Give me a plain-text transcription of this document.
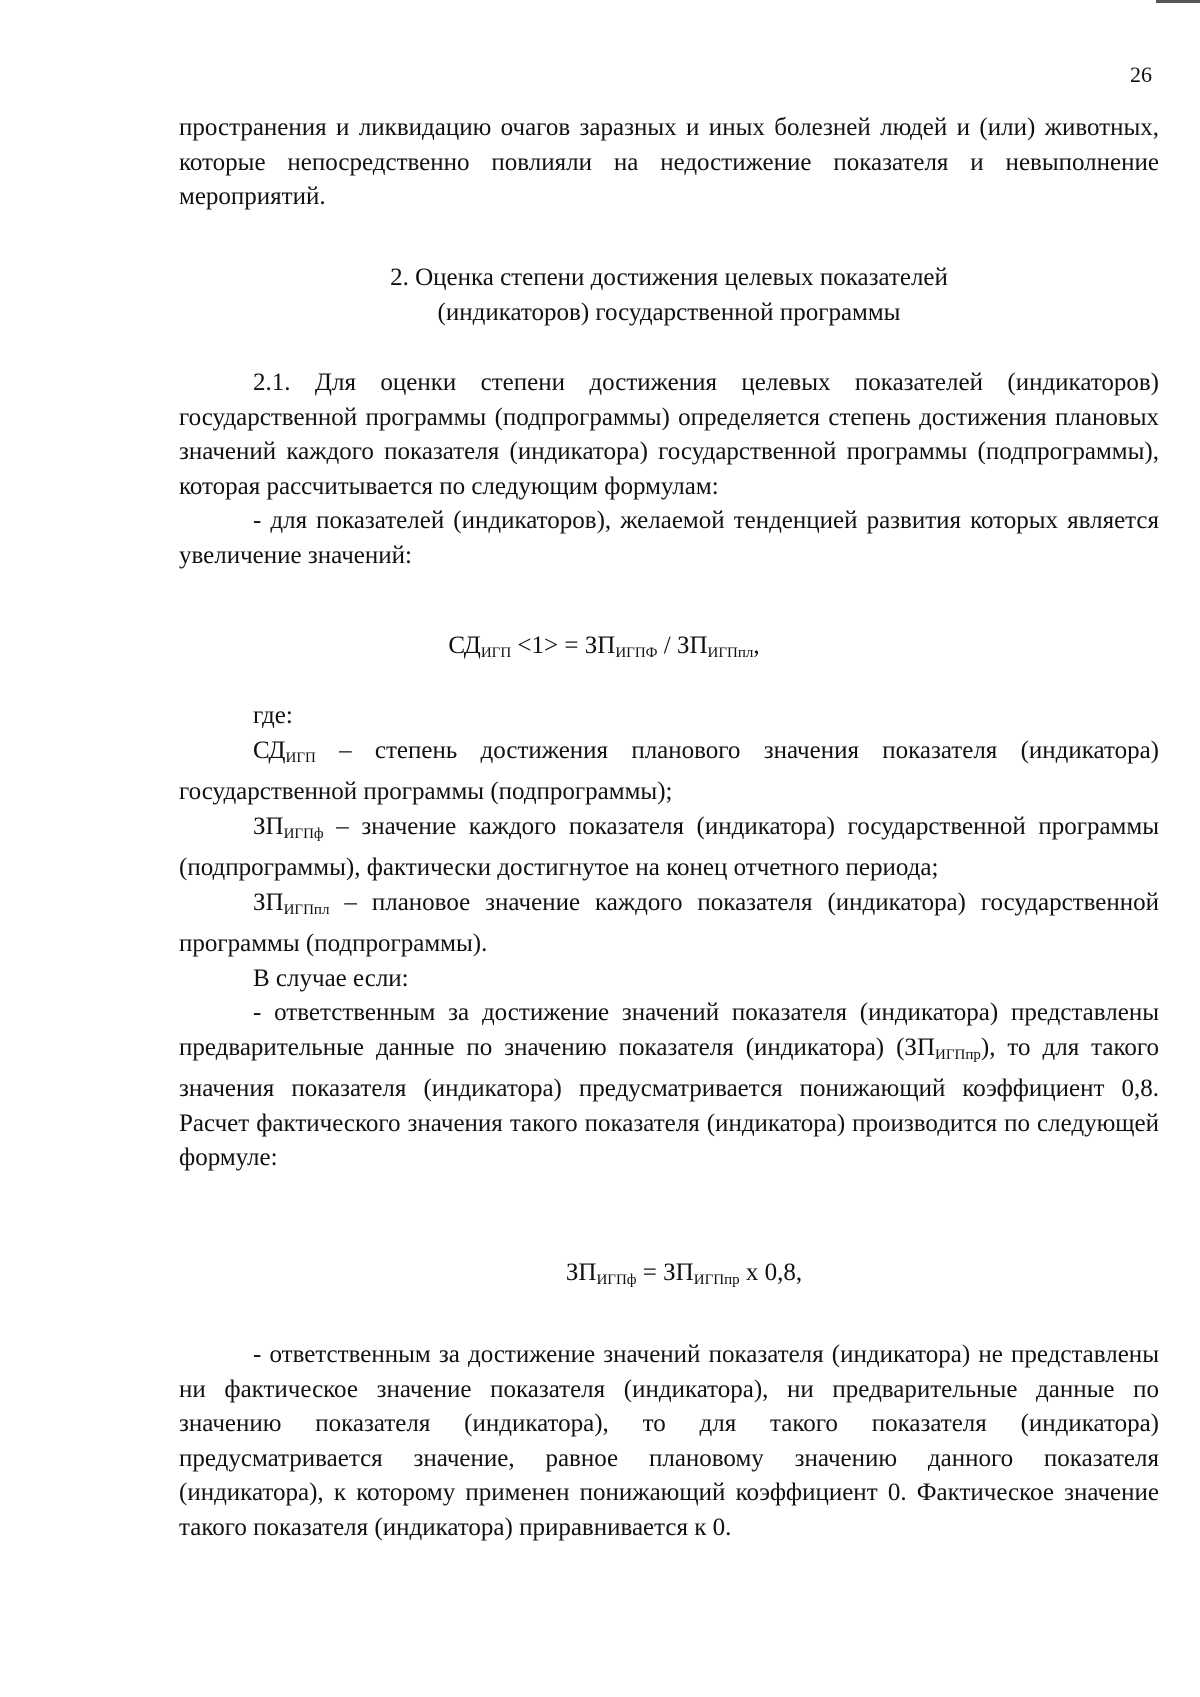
26

пространения и ликвидацию очагов заразных и иных болезней людей и (или) животных, которые непосредственно повлияли на недостижение показателя и невыполнение мероприятий.

2. Оценка степени достижения целевых показателей
(индикаторов) государственной программы

2.1. Для оценки степени достижения целевых показателей (индикаторов) государственной программы (подпрограммы) определяется степень достижения плановых значений каждого показателя (индикатора) государственной программы (подпрограммы), которая рассчитывается по следующим формулам:

- для показателей (индикаторов), желаемой тенденцией развития которых является увеличение значений:

$СД_{ИГП} <1> = ЗП_{ИГПФ} / ЗП_{ИГПпл}$,

где:

$СД_{ИГП}$ – степень достижения планового значения показателя (индикатора) государственной программы (подпрограммы);

$ЗП_{ИГПф}$ – значение каждого показателя (индикатора) государственной программы (подпрограммы), фактически достигнутое на конец отчетного периода;

$ЗП_{ИГПпл}$ – плановое значение каждого показателя (индикатора) государственной программы (подпрограммы).

В случае если:

- ответственным за достижение значений показателя (индикатора) представлены предварительные данные по значению показателя (индикатора) $(ЗП_{ИГПпр})$, то для такого значения показателя (индикатора) предусматривается понижающий коэффициент 0,8. Расчет фактического значения такого показателя (индикатора) производится по следующей формуле:

$ЗП_{ИГПф} = ЗП_{ИГПпр}$ х 0,8,

- ответственным за достижение значений показателя (индикатора) не представлены ни фактическое значение показателя (индикатора), ни предварительные данные по значению показателя (индикатора), то для такого показателя (индикатора) предусматривается значение, равное плановому значению данного показателя (индикатора), к которому применен понижающий коэффициент 0. Фактическое значение такого показателя (индикатора) приравнивается к 0.
